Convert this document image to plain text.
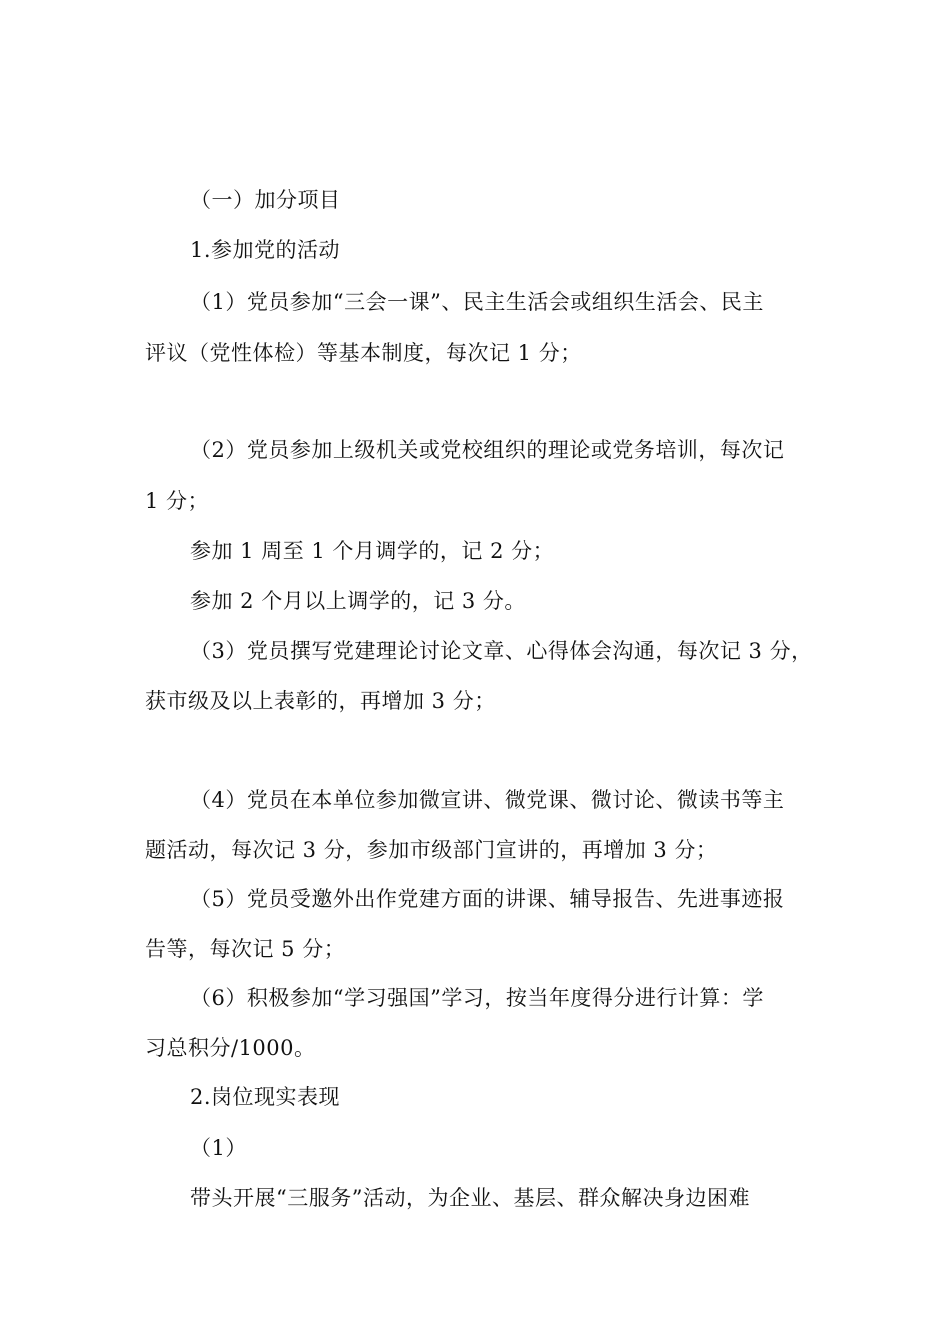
（一）加分项目
1.参加党的活动
（1）党员参加“三会一课”、民主生活会或组织生活会、民主
评议（党性体检）等基本制度，每次记 1 分；
（2）党员参加上级机关或党校组织的理论或党务培训，每次记
1 分；
参加 1 周至 1 个月调学的，记 2 分；
参加 2 个月以上调学的，记 3 分。
（3）党员撰写党建理论讨论文章、心得体会沟通，每次记 3 分，
获市级及以上表彰的，再增加 3 分；
（4）党员在本单位参加微宣讲、微党课、微讨论、微读书等主
题活动，每次记 3 分，参加市级部门宣讲的，再增加 3 分；
（5）党员受邀外出作党建方面的讲课、辅导报告、先进事迹报
告等，每次记 5 分；
（6）积极参加“学习强国”学习，按当年度得分进行计算：学
习总积分/1000。
2.岗位现实表现
（1）
带头开展“三服务”活动，为企业、基层、群众解决身边困难
